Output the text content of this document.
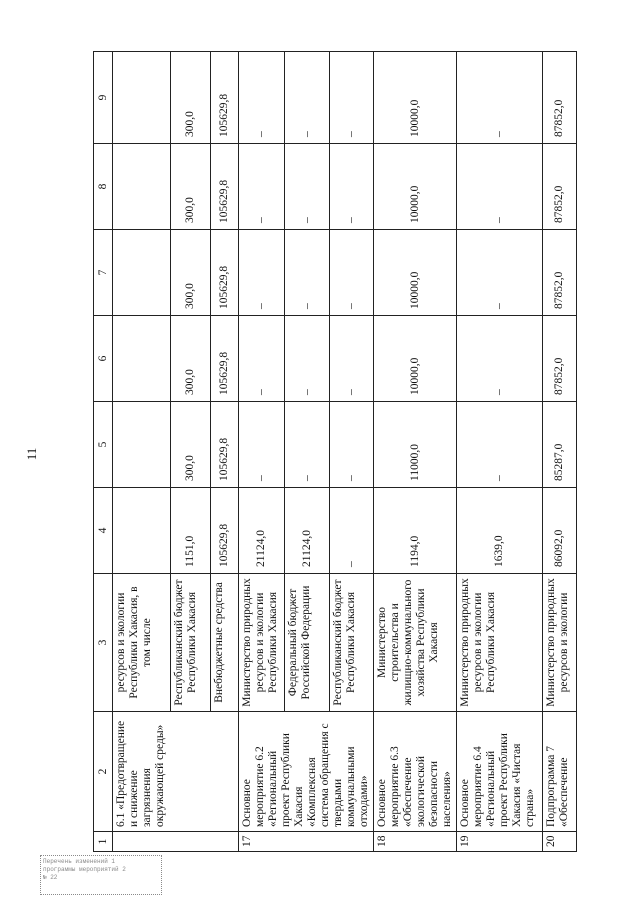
11
1	2	3	4	5	6	7	8	9
	6.1 «Предотвращение и снижение загрязнения окружающей среды»	ресурсов и экологии Республики Хакасия, в том числе						
		Республиканский бюджет Республики Хакасия	1151,0	300,0	300,0	300,0	300,0	300,0
		Внебюджетные средства	105629,8	105629,8	105629,8	105629,8	105629,8	105629,8
17	Основное мероприятие 6.2 «Региональный проект Республики Хакасия «Комплексная система обращения с твердыми коммунальными отходами»	Министерство природных ресурсов и экологии Республики Хакасия	21124,0	–	–	–	–	–
		Федеральный бюджет Российской Федерации	21124,0	–	–	–	–	–
		Республиканский бюджет Республики Хакасия	–	–	–	–	–	–
18	Основное мероприятие 6.3 «Обеспечение экологической безопасности населения»	Министерство строительства и жилищно-коммунального хозяйства Республики Хакасия	1194,0	11000,0	10000,0	10000,0	10000,0	10000,0
19	Основное мероприятие 6.4 «Региональный проект Республики Хакасия «Чистая страна»	Министерство природных ресурсов и экологии Республики Хакасия	1639,0	–	–	–	–	–
20	Подпрограмма 7 «Обеспечение	Министерство природных ресурсов и экологии	86092,0	85287,0	87852,0	87852,0	87852,0	87852,0
Перечень изменений 1
программы мероприятий 2
№ 22
